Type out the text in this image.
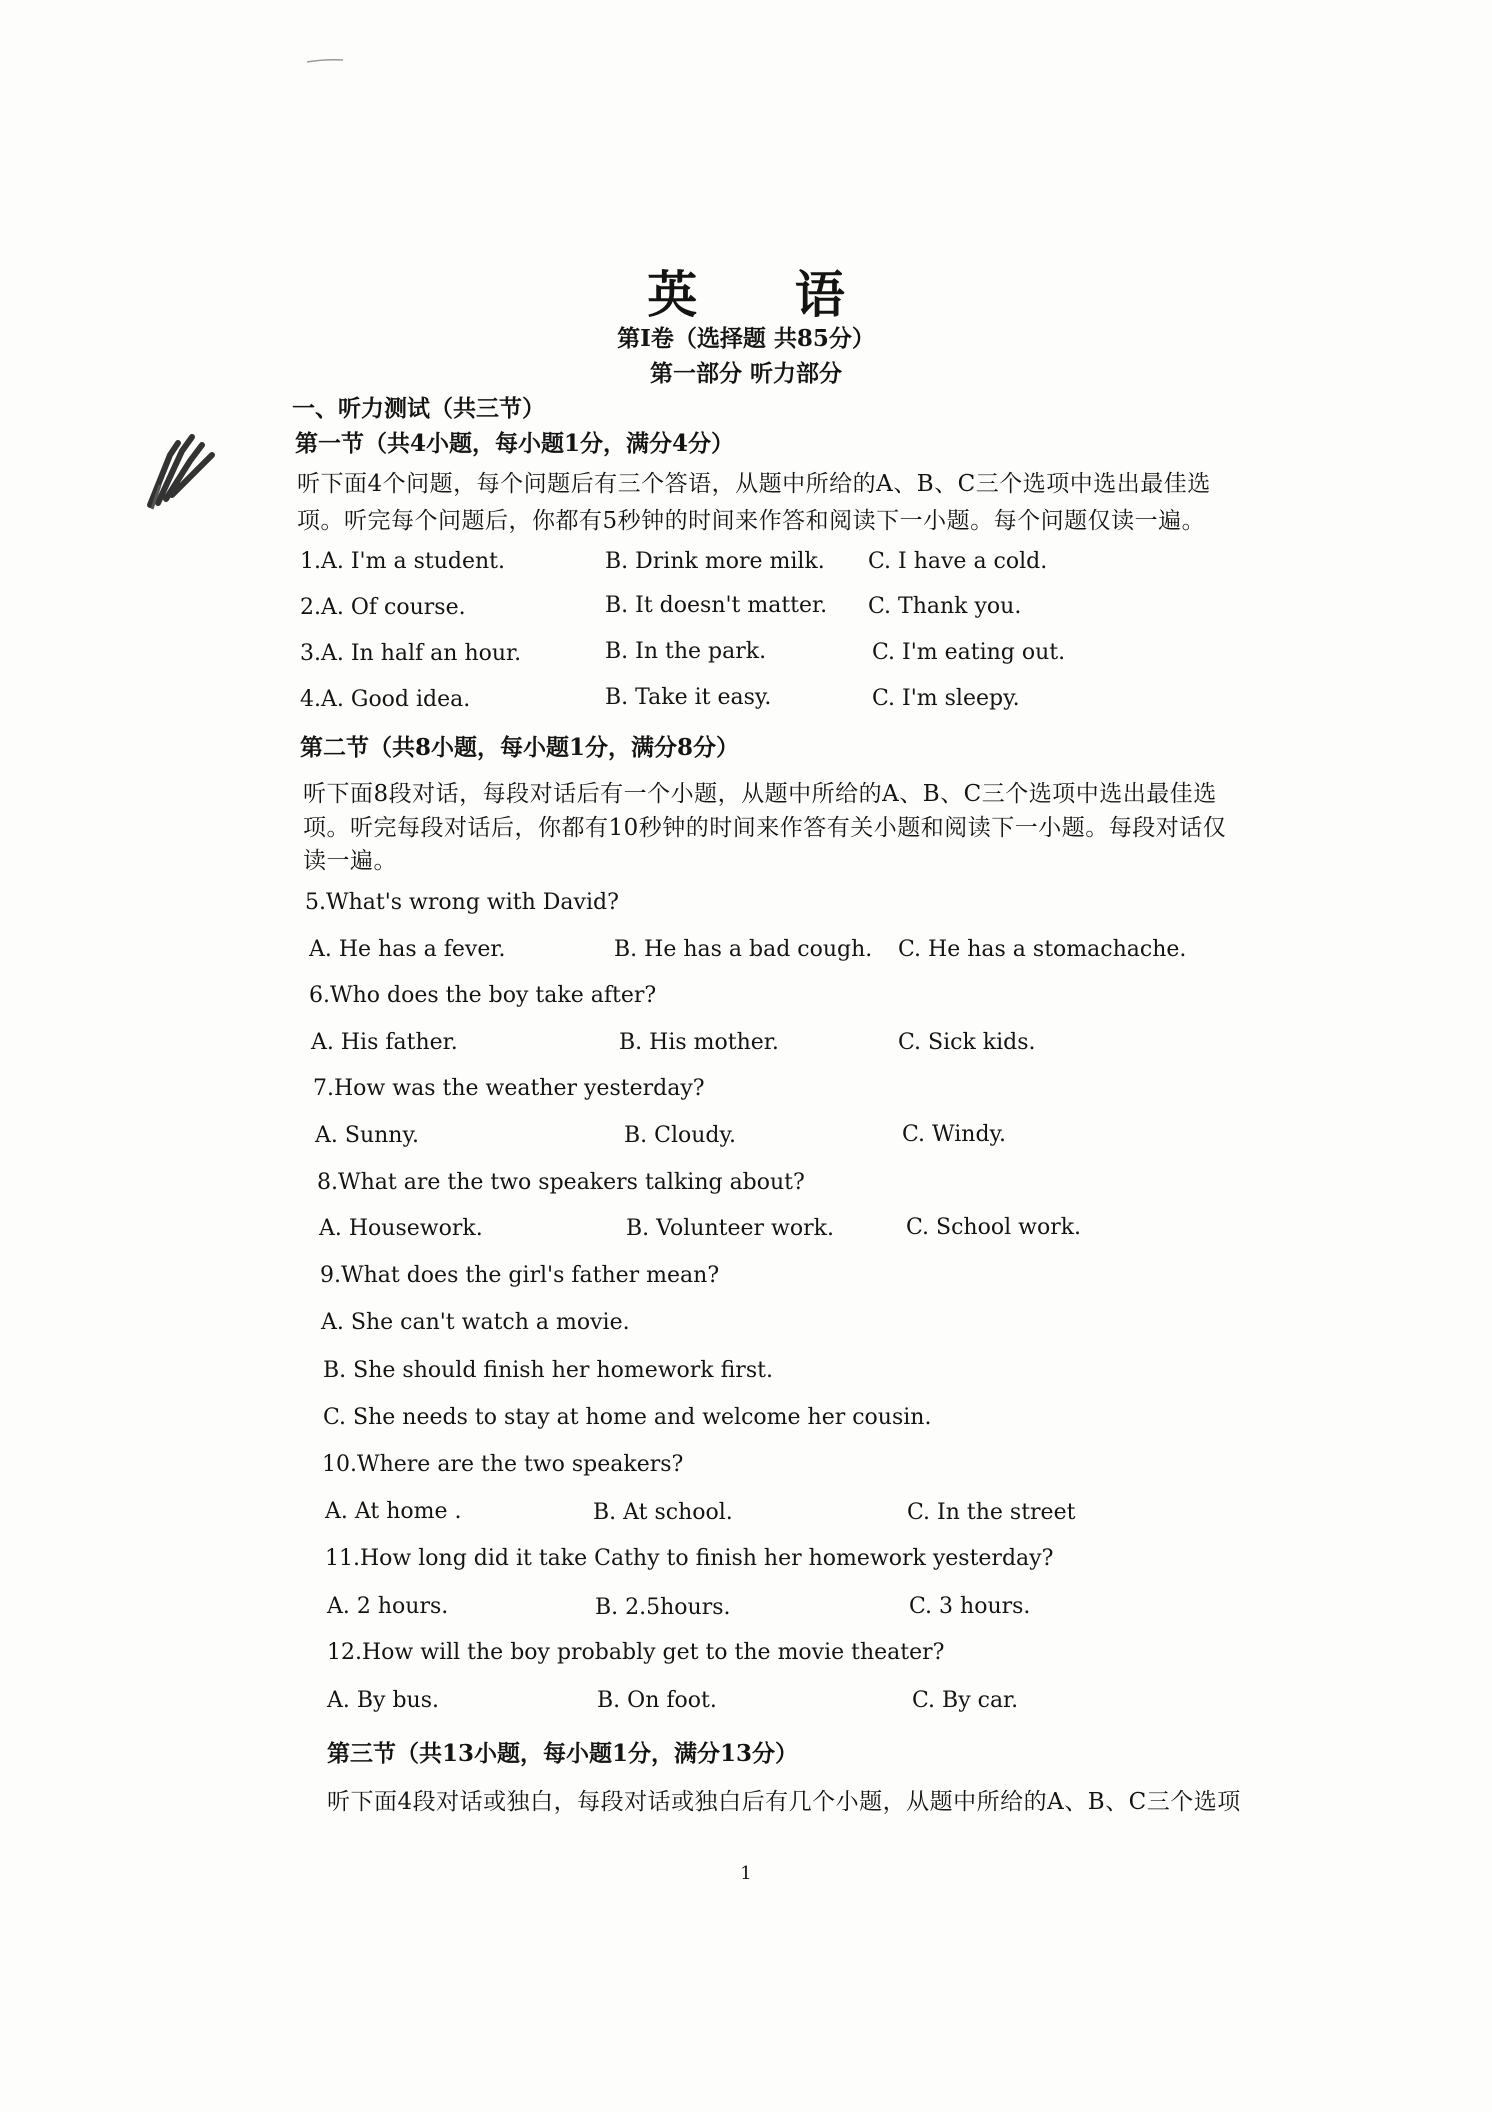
英 语
第Ⅰ卷（选择题 共85分）
第一部分 听力部分
一、听力测试（共三节）
第一节（共4小题，每小题1分，满分4分）
听下面4个问题，每个问题后有三个答语，从题中所给的A、B、C三个选项中选出最佳选
项。听完每个问题后，你都有5秒钟的时间来作答和阅读下一小题。每个问题仅读一遍。
1.A. I'm a student.	B. Drink more milk. C. I have a cold.
2.A. Of course.	B. It doesn't matter. C. Thank you.
3.A. In half an hour.	B. In the park.	C. I'm eating out.
4.A. Good idea.	B. Take it easy.	C. I'm sleepy.
第二节（共8小题，每小题1分，满分8分）
听下面8段对话，每段对话后有一个小题，从题中所给的A、B、C三个选项中选出最佳选
项。听完每段对话后，你都有10秒钟的时间来作答有关小题和阅读下一小题。每段对话仅
读一遍。
5.What's wrong with David?
A. He has a fever.	B. He has a bad cough. C. He has a stomachache.
6.Who does the boy take after?
A. His father.	B. His mother.	C. Sick kids.
7.How was the weather yesterday?
A. Sunny.	B. Cloudy.	C. Windy.
8.What are the two speakers talking about?
A. Housework.	B. Volunteer work.	C. School work.
9.What does the girl's father mean?
A. She can't watch a movie.
B. She should finish her homework first.
C. She needs to stay at home and welcome her cousin.
10.Where are the two speakers?
A. At home .	B. At school.	C. In the street
11.How long did it take Cathy to finish her homework yesterday?
A. 2 hours.	B. 2.5hours.	C. 3 hours.
12.How will the boy probably get to the movie theater?
A. By bus.	B. On foot.	C. By car.
第三节（共13小题，每小题1分，满分13分）
听下面4段对话或独白，每段对话或独白后有几个小题，从题中所给的A、B、C三个选项
1
